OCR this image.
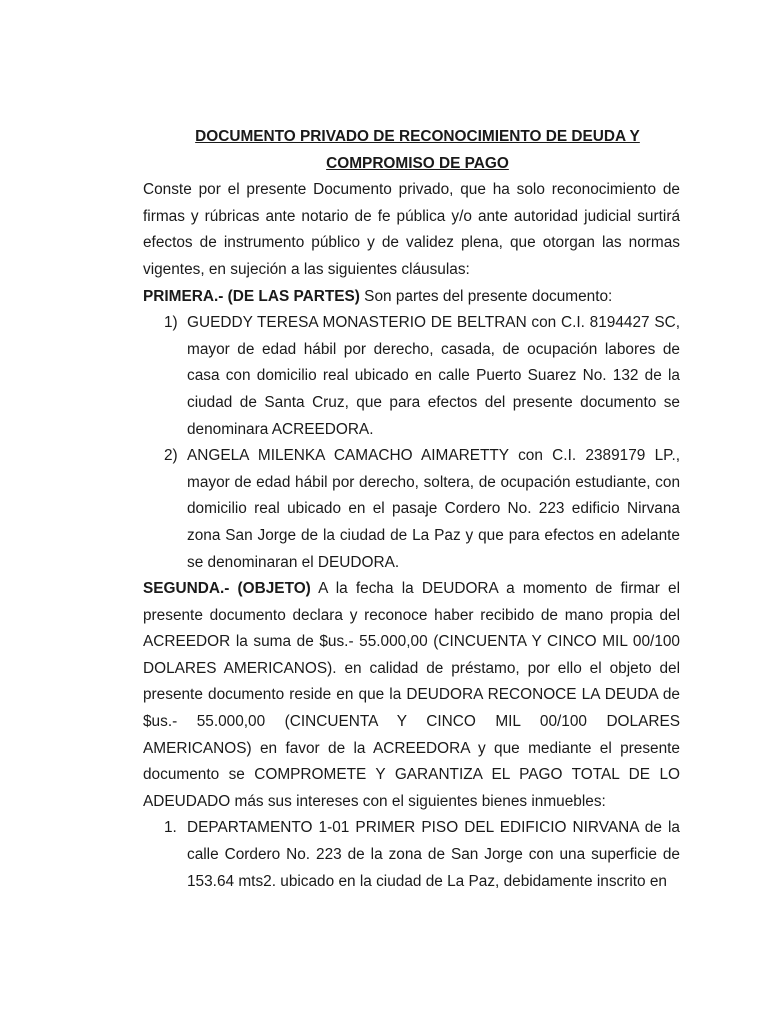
DOCUMENTO PRIVADO DE RECONOCIMIENTO DE DEUDA Y
COMPROMISO DE PAGO

Conste por el presente Documento privado, que ha solo reconocimiento de firmas y rúbricas ante notario de fe pública y/o ante autoridad judicial surtirá efectos de instrumento público y de validez plena, que otorgan las normas vigentes, en sujeción a las siguientes cláusulas:

PRIMERA.- (DE LAS PARTES) Son partes del presente documento:

1) GUEDDY TERESA MONASTERIO DE BELTRAN con C.I. 8194427 SC, mayor de edad hábil por derecho, casada, de ocupación labores de casa con domicilio real ubicado en calle Puerto Suarez No. 132 de la ciudad de Santa Cruz, que para efectos del presente documento se denominara ACREEDORA.
2) ANGELA MILENKA CAMACHO AIMARETTY con C.I. 2389179 LP., mayor de edad hábil por derecho, soltera, de ocupación estudiante, con domicilio real ubicado en el pasaje Cordero No. 223 edificio Nirvana zona San Jorge de la ciudad de La Paz y que para efectos en adelante se denominaran el DEUDORA.

SEGUNDA.- (OBJETO) A la fecha la DEUDORA a momento de firmar el presente documento declara y reconoce haber recibido de mano propia del ACREEDOR la suma de $us.- 55.000,00 (CINCUENTA Y CINCO MIL 00/100 DOLARES AMERICANOS). en calidad de préstamo, por ello el objeto del presente documento reside en que la DEUDORA RECONOCE LA DEUDA de $us.- 55.000,00 (CINCUENTA Y CINCO MIL 00/100 DOLARES AMERICANOS) en favor de la ACREEDORA y que mediante el presente documento se COMPROMETE Y GARANTIZA EL PAGO TOTAL DE LO ADEUDADO más sus intereses con el siguientes bienes inmuebles:

1. DEPARTAMENTO 1-01 PRIMER PISO DEL EDIFICIO NIRVANA de la calle Cordero No. 223 de la zona de San Jorge con una superficie de 153.64 mts2. ubicado en la ciudad de La Paz, debidamente inscrito en
